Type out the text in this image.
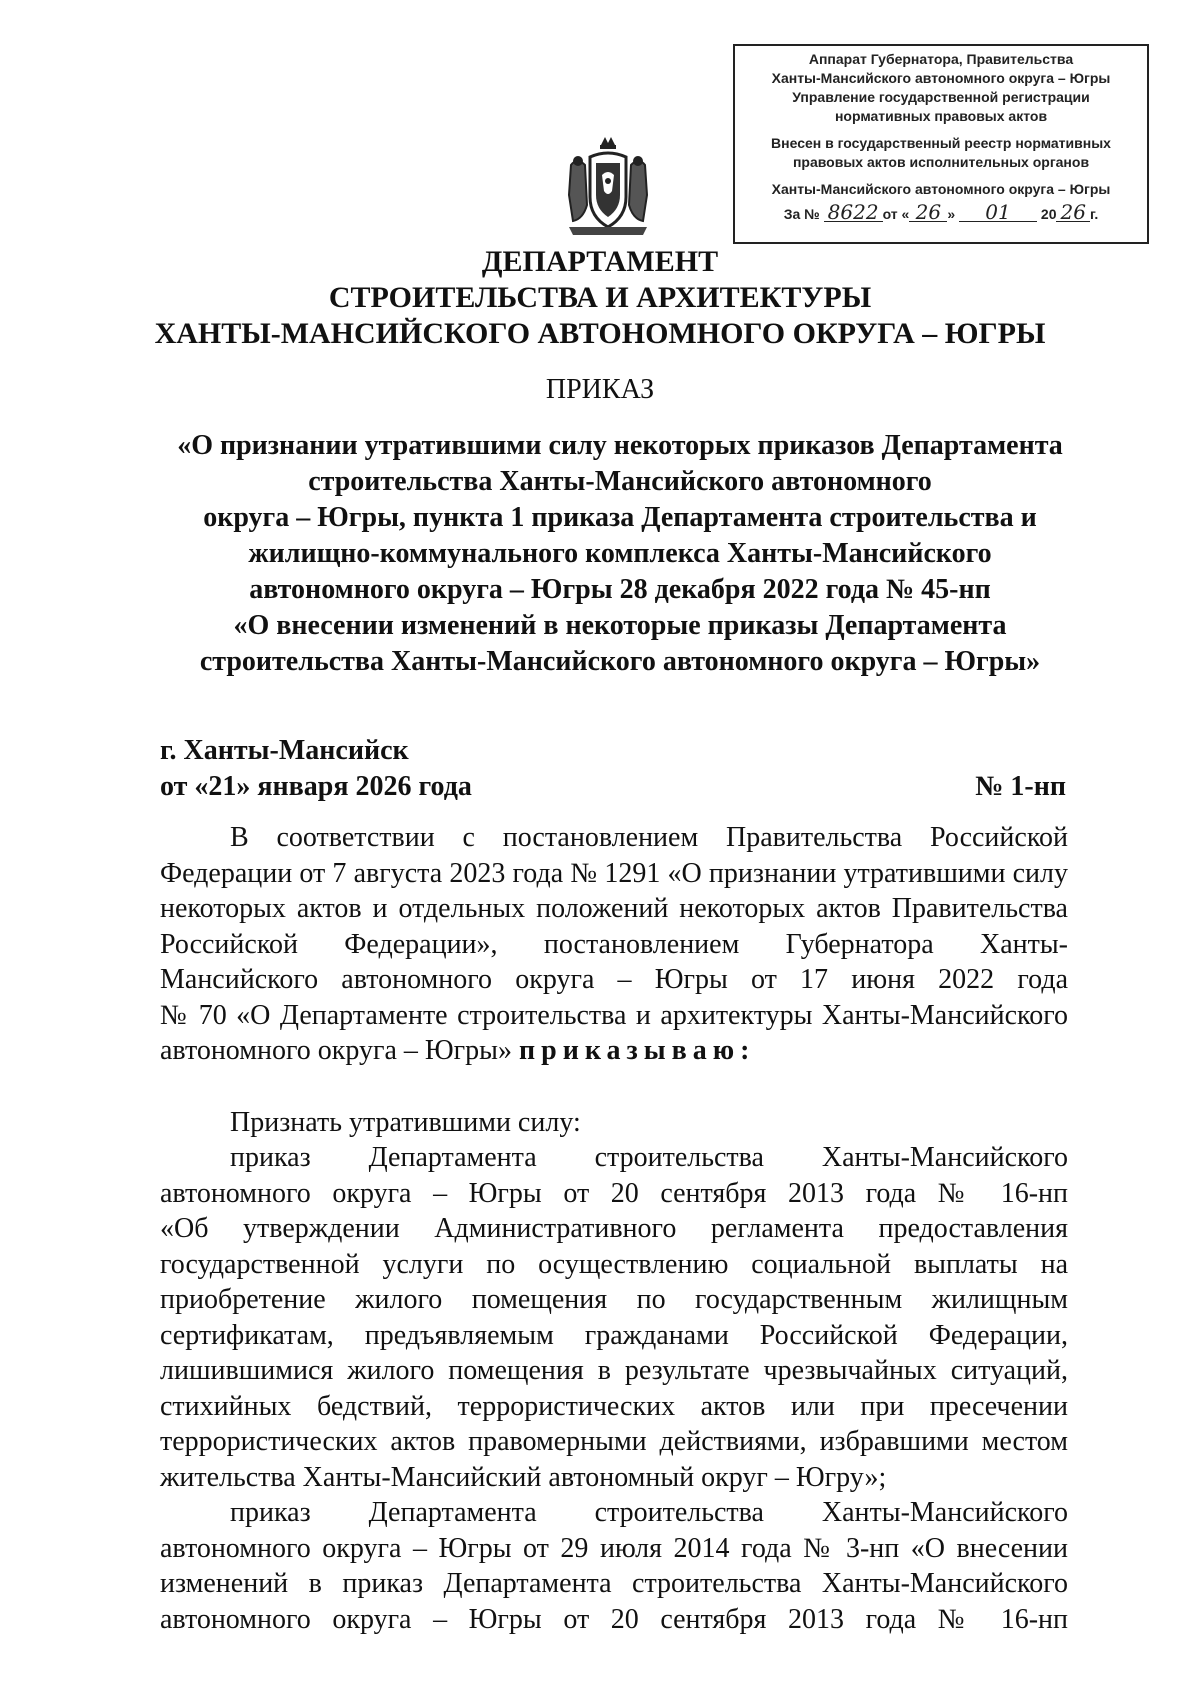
Аппарат Губернатора, Правительства
Ханты-Мансийского автономного округа – Югры
Управление государственной регистрации
нормативных правовых актов
Внесен в государственный реестр нормативных
правовых актов исполнительных органов
Ханты-Мансийского автономного округа – Югры
За № 8622 от « 26 » 01 20 26 г.
ДЕПАРТАМЕНТ
СТРОИТЕЛЬСТВА И АРХИТЕКТУРЫ
ХАНТЫ-МАНСИЙСКОГО АВТОНОМНОГО ОКРУГА – ЮГРЫ
ПРИКАЗ
«О признании утратившими силу некоторых приказов Департамента
строительства Ханты-Мансийского автономного
округа – Югры, пункта 1 приказа Департамента строительства и
жилищно-коммунального комплекса Ханты-Мансийского
автономного округа – Югры 28 декабря 2022 года № 45-нп
«О внесении изменений в некоторые приказы Департамента
строительства Ханты-Мансийского автономного округа – Югры»
г. Ханты-Мансийск
от «21» января 2026 года	№ 1-нп
В соответствии с постановлением Правительства Российской
Федерации от 7 августа 2023 года № 1291 «О признании утратившими силу
некоторых актов и отдельных положений некоторых актов Правительства
Российской Федерации», постановлением Губернатора Ханты-
Мансийского автономного округа – Югры от 17 июня 2022 года
№ 70 «О Департаменте строительства и архитектуры Ханты-Мансийского
автономного округа – Югры» приказываю:
Признать утратившими силу:
приказ Департамента строительства Ханты-Мансийского
автономного округа – Югры от 20 сентября 2013 года № 16-нп
«Об утверждении Административного регламента предоставления
государственной услуги по осуществлению социальной выплаты на
приобретение жилого помещения по государственным жилищным
сертификатам, предъявляемым гражданами Российской Федерации,
лишившимися жилого помещения в результате чрезвычайных ситуаций,
стихийных бедствий, террористических актов или при пресечении
террористических актов правомерными действиями, избравшими местом
жительства Ханты-Мансийский автономный округ – Югру»;
приказ Департамента строительства Ханты-Мансийского
автономного округа – Югры от 29 июля 2014 года № 3-нп «О внесении
изменений в приказ Департамента строительства Ханты-Мансийского
автономного округа – Югры от 20 сентября 2013 года № 16-нп
